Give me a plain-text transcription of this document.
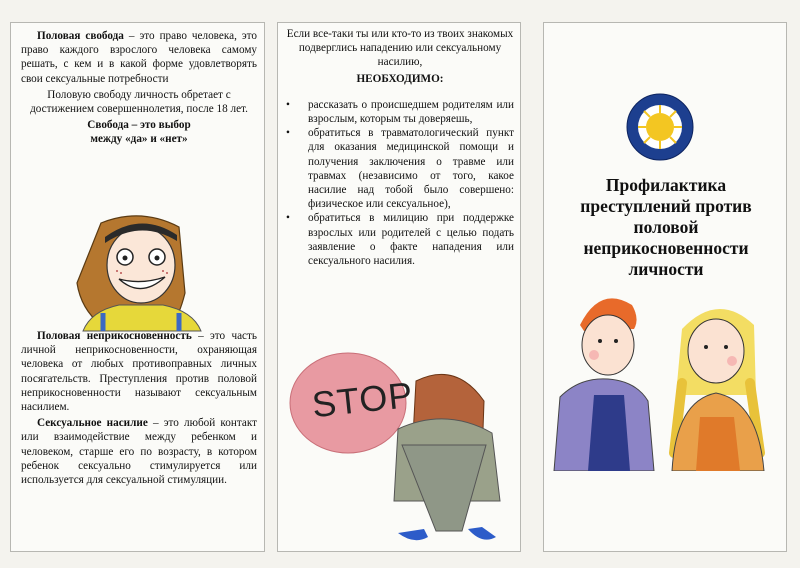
Половая свобода – это право человека, это право каждого взрослого человека самому решать, с кем и в какой форме удовлетворять свои сексуальные потребности

Половую свободу личность обретает с достижением совершеннолетия, после 18 лет.

Свобода – это выбор
между «да» и «нет»

Половая неприкосновенность – это часть личной неприкосновенности, охраняющая человека от любых противоправных личных посягательств. Преступления против половой неприкосновенности называют сексуальным насилием.

Сексуальное насилие – это любой контакт или взаимодействие между ребенком и человеком, старше его по возрасту, в котором ребенок сексуально стимулируется или используется для сексуальной стимуляции.

Если все-таки ты или кто-то из твоих знакомых подверглись нападению или сексуальному насилию,

НЕОБХОДИМО:

•	рассказать о происшедшем родителям или взрослым, которым ты доверяешь,
•	обратиться в травматологический пункт для оказания медицинской помощи и получения заключения о травме или травмах (независимо от того, какое насилие над тобой было совершено: физическое или сексуальное),
•	обратиться в милицию при поддержке взрослых или родителей с целью подать заявление о факте нападения или сексуального насилия.
STOP
Профилактика
преступлений против
половой
неприкосновенности
личности
